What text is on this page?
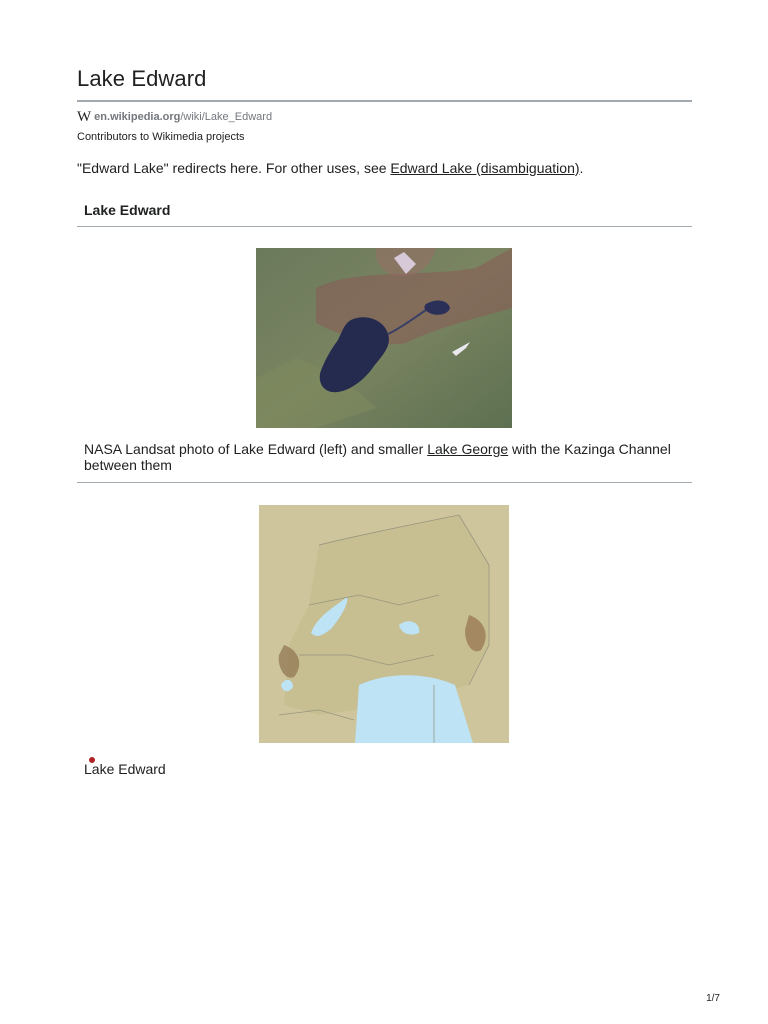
Lake Edward
W en.wikipedia.org/wiki/Lake_Edward
Contributors to Wikimedia projects
"Edward Lake" redirects here. For other uses, see Edward Lake (disambiguation).
Lake Edward
NASA Landsat photo of Lake Edward (left) and smaller Lake George with the Kazinga Channel between them
Lake Edward
1/7
